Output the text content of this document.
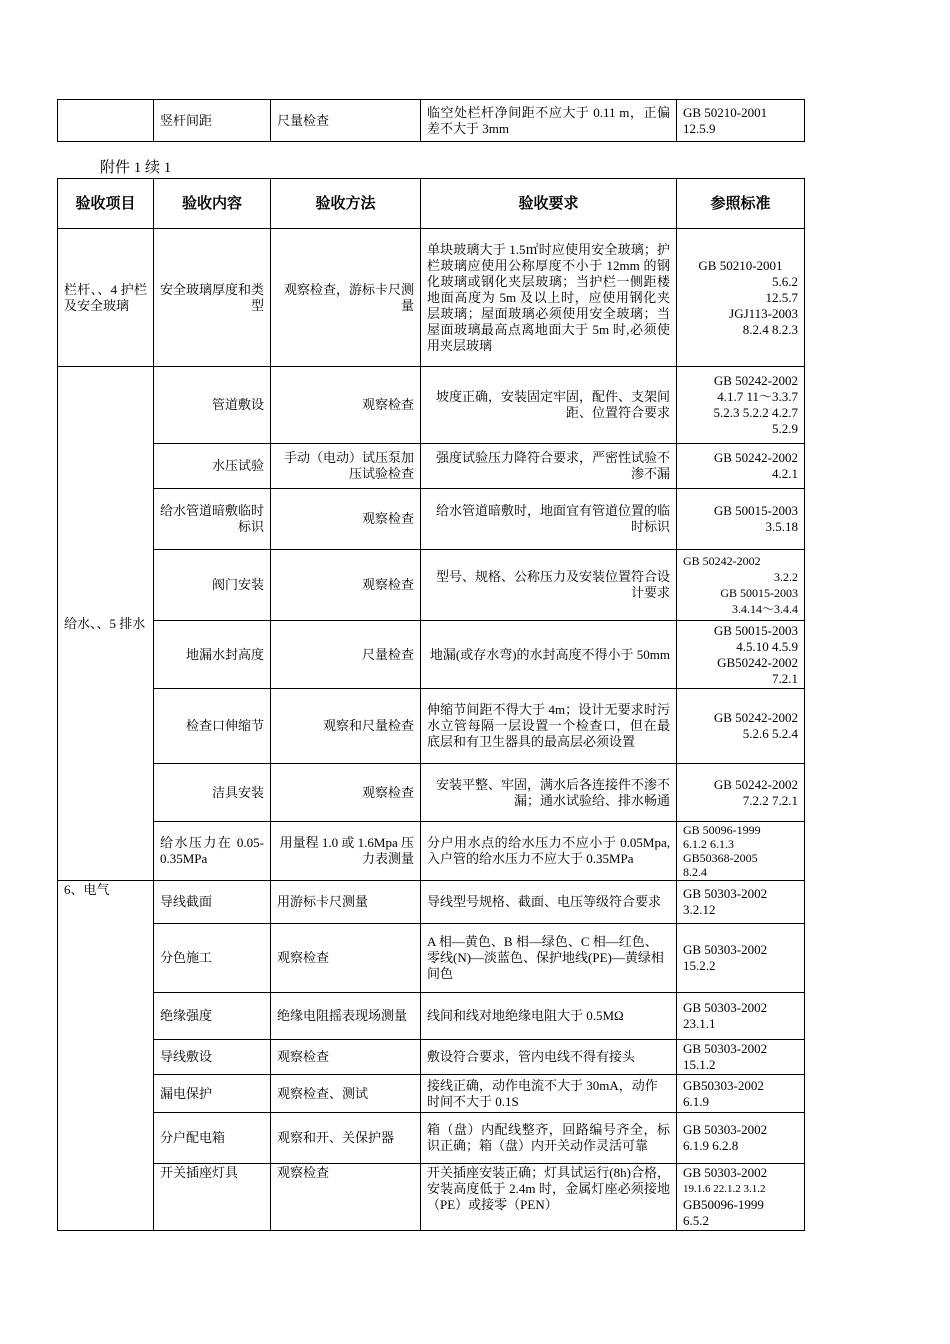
	竖杆间距	尺量检查	临空处栏杆净间距不应大于 0.11 m，正偏差不大于 3mm	
GB 50210-2001
12.5.9
附件 1 续 1
验收项目	验收内容	验收方法	验收要求	参照标准
栏杆、、4 护栏及安全玻璃	安全玻璃厚度和类型	观察检查，游标卡尺测量	单块玻璃大于 1.5㎡时应使用安全玻璃；护栏玻璃应使用公称厚度不小于 12mm 的钢化玻璃或钢化夹层玻璃；当护栏一侧距楼地面高度为 5m 及以上时，应使用钢化夹层玻璃；屋面玻璃必须使用安全玻璃；当屋面玻璃最高点离地面大于 5m 时,必须使用夹层玻璃	GB 50210-2001
5.6.2
12.5.7
JGJ113-2003
8.2.4 8.2.3

给水、、5 排水	管道敷设	观察检查	坡度正确，安装固定牢固，配件、支架间距、位置符合要求	GB 50242-2002
4.1.7 11～3.3.7
5.2.3 5.2.2 4.2.7
5.2.9

	水压试验	手动（电动）试压泵加压试验检查	强度试验压力降符合要求，严密性试验不渗不漏	GB 50242-2002
4.2.1

	给水管道暗敷临时标识	观察检查	给水管道暗敷时，地面宜有管道位置的临时标识	GB 50015-2003
3.5.18

	阀门安装	观察检查	型号、规格、公称压力及安装位置符合设计要求	GB 50242-2002
3.2.2
GB 50015-2003
3.4.14～3.4.4

	地漏水封高度	尺量检查	地漏(或存水弯)的水封高度不得小于 50mm	GB 50015-2003
4.5.10 4.5.9
GB50242-2002
7.2.1

	检查口伸缩节	观察和尺量检查	伸缩节间距不得大于 4m；设计无要求时污水立管每隔一层设置一个检查口，但在最底层和有卫生器具的最高层必须设置	GB 50242-2002
5.2.6 5.2.4

	洁具安装	观察检查	安装平整、牢固，满水后各连接件不渗不漏；通水试验给、排水畅通	GB 50242-2002
7.2.2 7.2.1

	给水压力在 0.05-0.35MPa	用量程 1.0 或 1.6Mpa 压力表测量	分户用水点的给水压力不应小于 0.05Mpa,入户管的给水压力不应大于 0.35MPa	GB 50096-1999
6.1.2 6.1.3
GB50368-2005
8.2.4

6、电气	导线截面	用游标卡尺测量	导线型号规格、截面、电压等级符合要求	GB 50303-2002
3.2.12

	分色施工	观察检查	A 相—黄色、B 相—绿色、C 相—红色、零线(N)—淡蓝色、保护地线(PE)—黄绿相间色	GB 50303-2002
15.2.2

	绝缘强度	绝缘电阻摇表现场测量	线间和线对地绝缘电阻大于 0.5MΩ	GB 50303-2002
23.1.1

	导线敷设	观察检查	敷设符合要求，管内电线不得有接头	GB 50303-2002
15.1.2

	漏电保护	观察检查、测试	接线正确，动作电流不大于 30mA，动作时间不大于 0.1S	GB50303-2002
6.1.9

	分户配电箱	观察和开、关保护器	箱（盘）内配线整齐，回路编号齐全，标识正确；箱（盘）内开关动作灵活可靠	GB 50303-2002
6.1.9 6.2.8

	开关插座灯具	观察检查	开关插座安装正确；灯具试运行(8h)合格，安装高度低于 2.4m 时，金属灯座必须接地（PE）或接零（PEN）	GB 50303-2002
19.1.6 22.1.2 3.1.2
GB50096-1999
6.5.2
